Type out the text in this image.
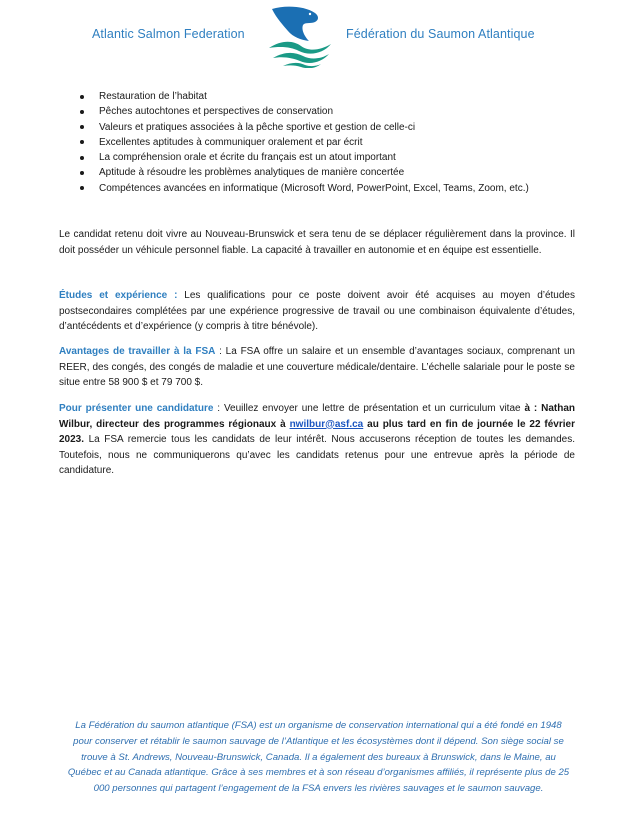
Atlantic Salmon Federation	Fédération du Saumon Atlantique
Restauration de l’habitat
Pêches autochtones et perspectives de conservation
Valeurs et pratiques associées à la pêche sportive et gestion de celle-ci
Excellentes aptitudes à communiquer oralement et par écrit
La compréhension orale et écrite du français est un atout important
Aptitude à résoudre les problèmes analytiques de manière concertée
Compétences avancées en informatique (Microsoft Word, PowerPoint, Excel, Teams, Zoom, etc.)

Le candidat retenu doit vivre au Nouveau-Brunswick et sera tenu de se déplacer régulièrement dans la province. Il doit posséder un véhicule personnel fiable. La capacité à travailler en autonomie et en équipe est essentielle.

Études et expérience : Les qualifications pour ce poste doivent avoir été acquises au moyen d’études postsecondaires complétées par une expérience progressive de travail ou une combinaison équivalente d’études, d’antécédents et d’expérience (y compris à titre bénévole).

Avantages de travailler à la FSA : La FSA offre un salaire et un ensemble d’avantages sociaux, comprenant un REER, des congés, des congés de maladie et une couverture médicale/dentaire. L’échelle salariale pour le poste se situe entre 58 900 $ et 79 700 $.

Pour présenter une candidature : Veuillez envoyer une lettre de présentation et un curriculum vitae à : Nathan Wilbur, directeur des programmes régionaux à nwilbur@asf.ca au plus tard en fin de journée le 22 février 2023. La FSA remercie tous les candidats de leur intérêt. Nous accuserons réception de toutes les demandes. Toutefois, nous ne communiquerons qu’avec les candidats retenus pour une entrevue après la période de candidature.

La Fédération du saumon atlantique (FSA) est un organisme de conservation international qui a été fondé en 1948 pour conserver et rétablir le saumon sauvage de l’Atlantique et les écosystèmes dont il dépend. Son siège social se trouve à St. Andrews, Nouveau-Brunswick, Canada. Il a également des bureaux à Brunswick, dans le Maine, au Québec et au Canada atlantique. Grâce à ses membres et à son réseau d’organismes affiliés, il représente plus de 25 000 personnes qui partagent l’engagement de la FSA envers les rivières sauvages et le saumon sauvage.
